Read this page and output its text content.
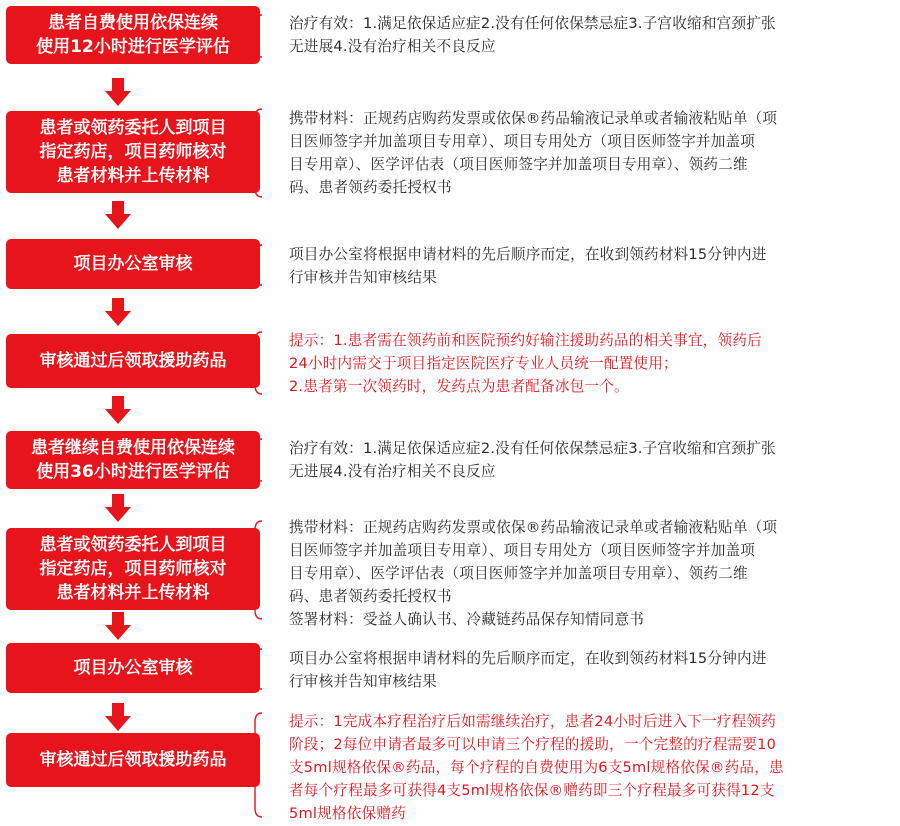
患者自费使用依保连续
使用12小时进行医学评估
治疗有效：1.满足依保适应症2.没有任何依保禁忌症3.子宫收缩和宫颈扩张
无进展4.没有治疗相关不良反应
患者或领药委托人到项目
指定药店，项目药师核对
患者材料并上传材料
携带材料：正规药店购药发票或依保®药品输液记录单或者输液粘贴单（项
目医师签字并加盖项目专用章）、项目专用处方（项目医师签字并加盖项
目专用章）、医学评估表（项目医师签字并加盖项目专用章）、领药二维
码、患者领药委托授权书
项目办公室审核	项目办公室将根据申请材料的先后顺序而定，在收到领药材料15分钟内进
行审核并告知审核结果
审核通过后领取援助药品
提示：1.患者需在领药前和医院预约好输注援助药品的相关事宜，领药后
24小时内需交于项目指定医院医疗专业人员统一配置使用；
2.患者第一次领药时，发药点为患者配备冰包一个。
患者继续自费使用依保连续
使用36小时进行医学评估
治疗有效：1.满足依保适应症2.没有任何依保禁忌症3.子宫收缩和宫颈扩张
无进展4.没有治疗相关不良反应
患者或领药委托人到项目
指定药店，项目药师核对
患者材料并上传材料
携带材料：正规药店购药发票或依保®药品输液记录单或者输液粘贴单（项
目医师签字并加盖项目专用章）、项目专用处方（项目医师签字并加盖项
目专用章）、医学评估表（项目医师签字并加盖项目专用章）、领药二维
码、患者领药委托授权书
签署材料：受益人确认书、冷藏链药品保存知情同意书
项目办公室审核	项目办公室将根据申请材料的先后顺序而定，在收到领药材料15分钟内进
行审核并告知审核结果
审核通过后领取援助药品
提示：1完成本疗程治疗后如需继续治疗，患者24小时后进入下一疗程领药
阶段；2每位申请者最多可以申请三个疗程的援助，一个完整的疗程需要10
支5ml规格依保®药品，每个疗程的自费使用为6支5ml规格依保®药品，患
者每个疗程最多可获得4支5ml规格依保®赠药即三个疗程最多可获得12支
5ml规格依保赠药
